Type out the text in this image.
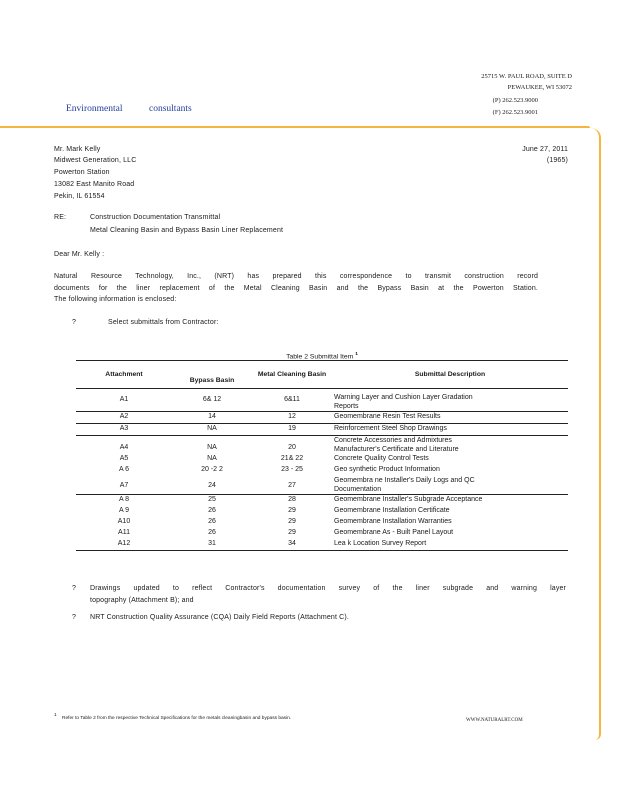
25715 W. PAUL ROAD, SUITE D
PEWAUKEE, WI 53072
(P) 262.523.9000
(F) 262.523.9001
Environmental	consultants
Mr. Mark Kelly
Midwest Generation, LLC
Powerton Station
13082 East Manito Road
Pekin, IL 61554
June 27, 2011
(1965)
RE:	Construction Documentation Transmittal
Metal Cleaning Basin and Bypass Basin Liner Replacement
Dear Mr. Kelly :
Natural Resource Technology, Inc., (NRT) has prepared this correspondence to transmit construction record
documents for the liner replacement of the Metal Cleaning Basin and the Bypass Basin at the Powerton Station.
The following information is enclosed:
?	Select submittals from Contractor:
Table 2 Submittal Item $^1$
Attachment		Metal Cleaning Basin	Submittal Description
	Bypass Basin		
A1	6& 12	6&11	Warning Layer and Cushion Layer Gradation
Reports

A2	14	12	Geomembrane Resin Test Results
A3	NA	19	Reinforcement Steel Shop Drawings
A4	NA	20	Concrete Accessories and Admixtures
Manufacturer's Certificate and Literature

A5	NA	21& 22	Concrete Quality Control Tests
A 6	20 -2 2	23 - 25	Geo synthetic Product Information
A7	24	27	Geomembra ne Installer's Daily Logs and QC
Documentation

A 8	25	28	Geomembrane Installer's Subgrade Acceptance
A 9	26	29	Geomembrane Installation Certificate
A10	26	29	Geomembrane Installation Warranties
A11	26	29	Geomembrane As - Built Panel Layout
A12	31	34	Lea k Location Survey Report
? Drawings updated to reflect Contractor's documentation survey of the liner subgrade and warning layer
topography (Attachment B); and
? NRT Construction Quality Assurance (CQA) Daily Field Reports (Attachment C).
1
Refer to Table 2 from the respective Technical Specifications for the metals cleaningbasin and bypass basin.	WWW.NATURALRT.COM
